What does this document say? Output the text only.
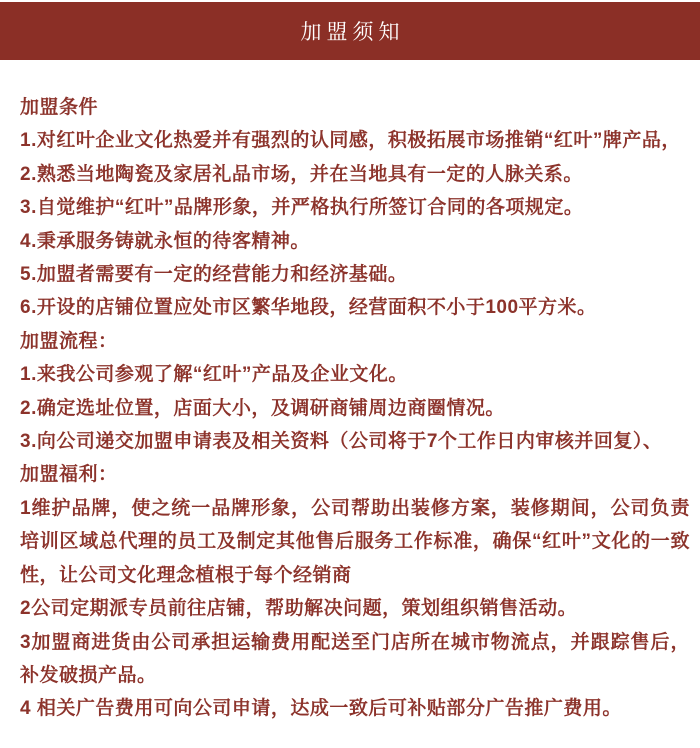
加盟须知

加盟条件

1.对红叶企业文化热爱并有强烈的认同感，积极拓展市场推销“红叶”牌产品，

2.熟悉当地陶瓷及家居礼品市场，并在当地具有一定的人脉关系。

3.自觉维护“红叶”品牌形象，并严格执行所签订合同的各项规定。

4.秉承服务铸就永恒的待客精神。

5.加盟者需要有一定的经营能力和经济基础。

6.开设的店铺位置应处市区繁华地段，经营面积不小于100平方米。

加盟流程：

1.来我公司参观了解“红叶”产品及企业文化。

2.确定选址位置，店面大小，及调研商铺周边商圈情况。

3.向公司递交加盟申请表及相关资料（公司将于7个工作日内审核并回复）、

加盟福利：

1维护品牌，使之统一品牌形象，公司帮助出装修方案，装修期间，公司负责培训区域总代理的员工及制定其他售后服务工作标准，确保“红叶”文化的一致性，让公司文化理念植根于每个经销商

2公司定期派专员前往店铺，帮助解决问题，策划组织销售活动。

3加盟商进货由公司承担运输费用配送至门店所在城市物流点，并跟踪售后，补发破损产品。

4 相关广告费用可向公司申请，达成一致后可补贴部分广告推广费用。
